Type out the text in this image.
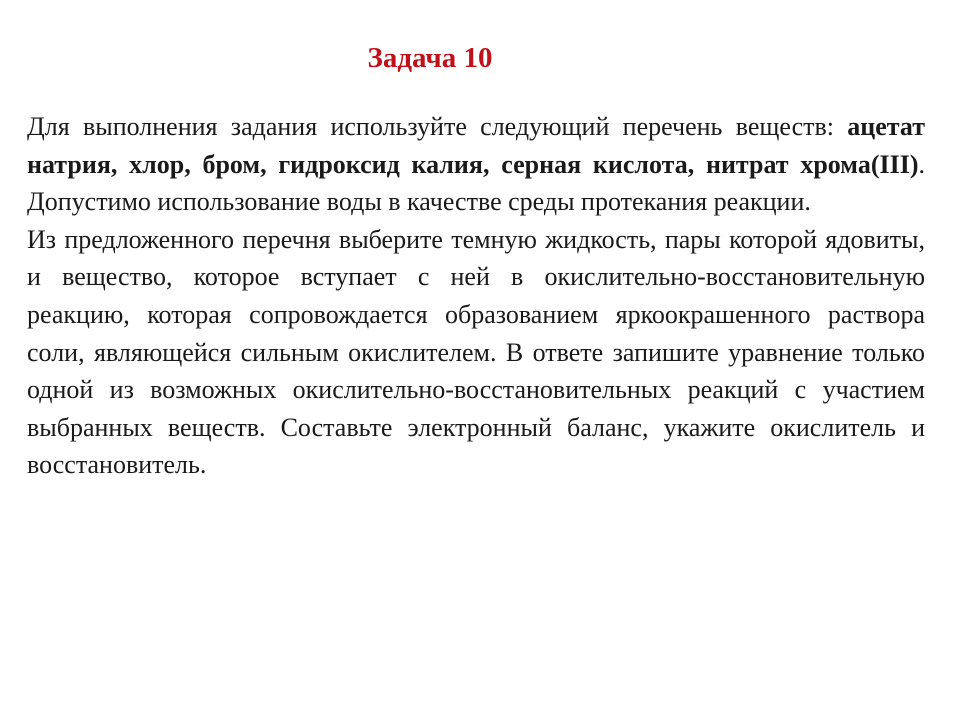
Задача 10

Для выполнения задания используйте следующий перечень веществ: ацетат натрия, хлор, бром, гидроксид калия, серная кислота, нитрат хрома(III). Допустимо использование воды в качестве среды протекания реакции.

Из предложенного перечня выберите темную жидкость, пары которой ядовиты, и вещество, которое вступает с ней в окислительно-восстановительную реакцию, которая сопровождается образованием яркоокрашенного раствора соли, являющейся сильным окислителем. В ответе запишите уравнение только одной из возможных окислительно-восстановительных реакций с участием выбранных веществ. Составьте электронный баланс, укажите окислитель и восстановитель.
